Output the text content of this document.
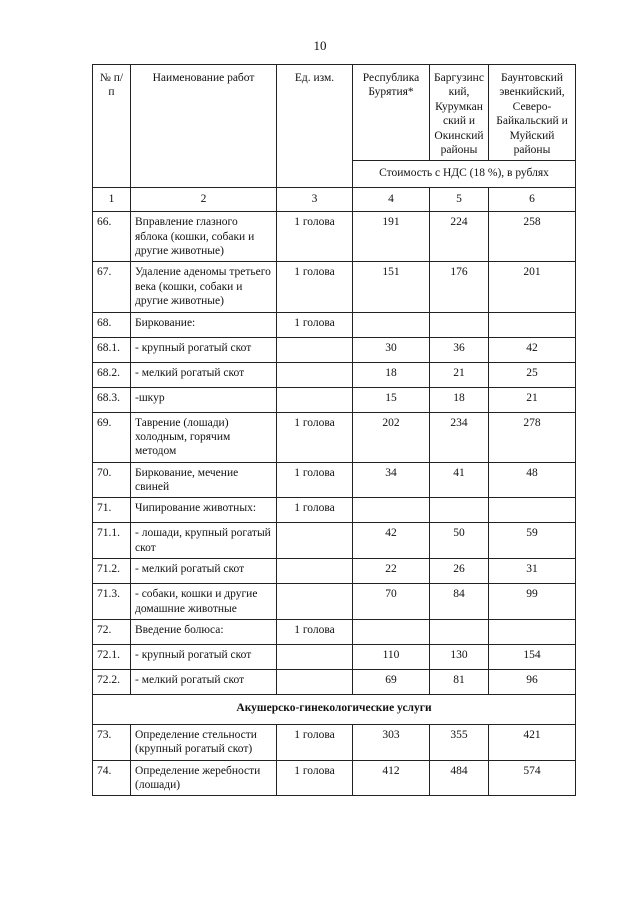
10
№ п/п	Наименование работ	Ед. изм.	Республика Бурятия*	Баргузинс кий, Курумкан ский и Окинский районы	Баунтовский эвенкийский, Северо-Байкальский и Муйский районы
			Стоимость с НДС (18 %), в рублях		
1	2	3	4	5	6
66.	Вправление глазного яблока (кошки, собаки и другие животные)	1 голова	191	224	258
67.	Удаление аденомы третьего века (кошки, собаки и другие животные)	1 голова	151	176	201
68.	Биркование:	1 голова			
68.1.	- крупный рогатый скот		30	36	42
68.2.	- мелкий рогатый скот		18	21	25
68.3.	-шкур		15	18	21
69.	Таврение (лошади) холодным, горячим методом	1 голова	202	234	278
70.	Биркование, мечение свиней	1 голова	34	41	48
71.	Чипирование животных:	1 голова			
71.1.	- лошади, крупный рогатый скот		42	50	59
71.2.	- мелкий рогатый скот		22	26	31
71.3.	- собаки, кошки и другие домашние животные		70	84	99
72.	Введение болюса:	1 голова			
72.1.	- крупный рогатый скот		110	130	154
72.2.	- мелкий рогатый скот		69	81	96
Акушерско-гинекологические услуги					
73.	Определение стельности (крупный рогатый скот)	1 голова	303	355	421
74.	Определение жеребности (лошади)	1 голова	412	484	574
